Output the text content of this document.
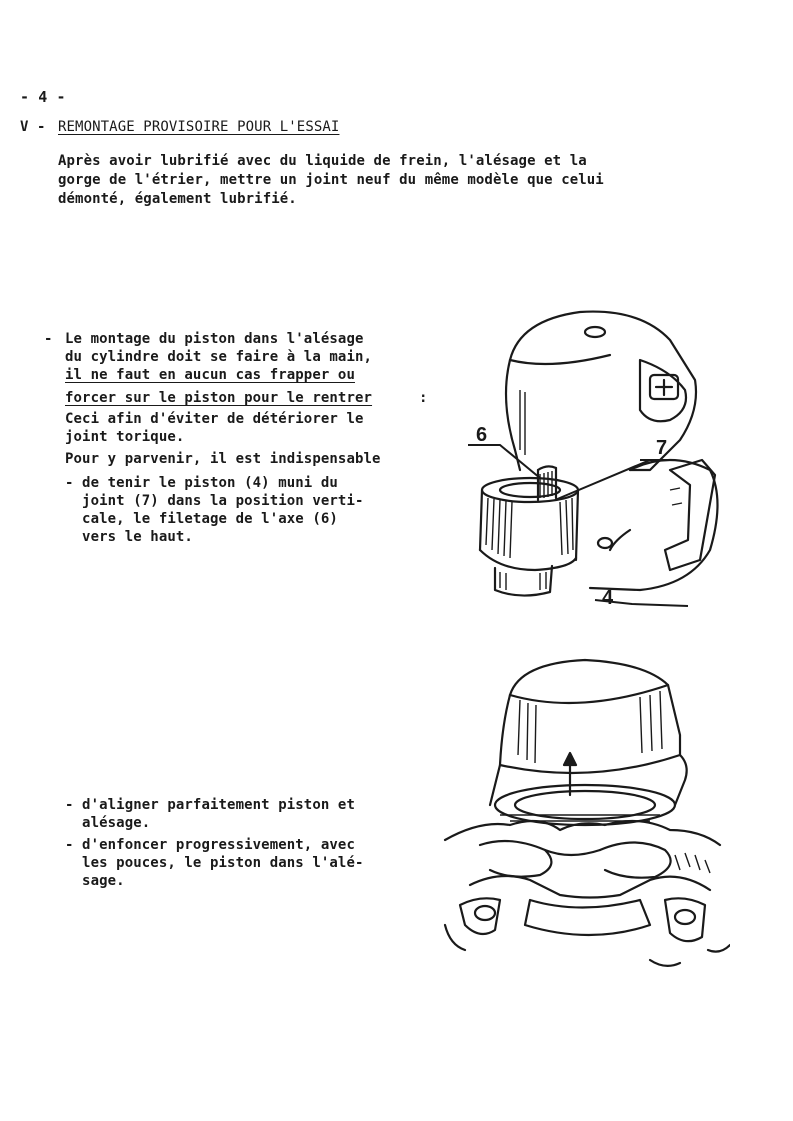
- 4 -
V - REMONTAGE PROVISOIRE POUR L'ESSAI
Après avoir lubrifié avec du liquide de frein, l'alésage et la
gorge de l'étrier, mettre un joint neuf du même modèle que celui
démonté, également lubrifié.
- Le montage du piston dans l'alésage
du cylindre doit se faire à la main,
il ne faut en aucun cas frapper ou
forcer sur le piston pour le rentrer	:
Ceci afin d'éviter de détériorer le
joint torique.
Pour y parvenir, il est indispensable
- de tenir le piston (4) muni du
joint (7) dans la position verti-
cale, le filetage de l'axe (6)
vers le haut.
6
7
4
- d'aligner parfaitement piston et
alésage.
- d'enfoncer progressivement, avec
les pouces, le piston dans l'alé-
sage.
